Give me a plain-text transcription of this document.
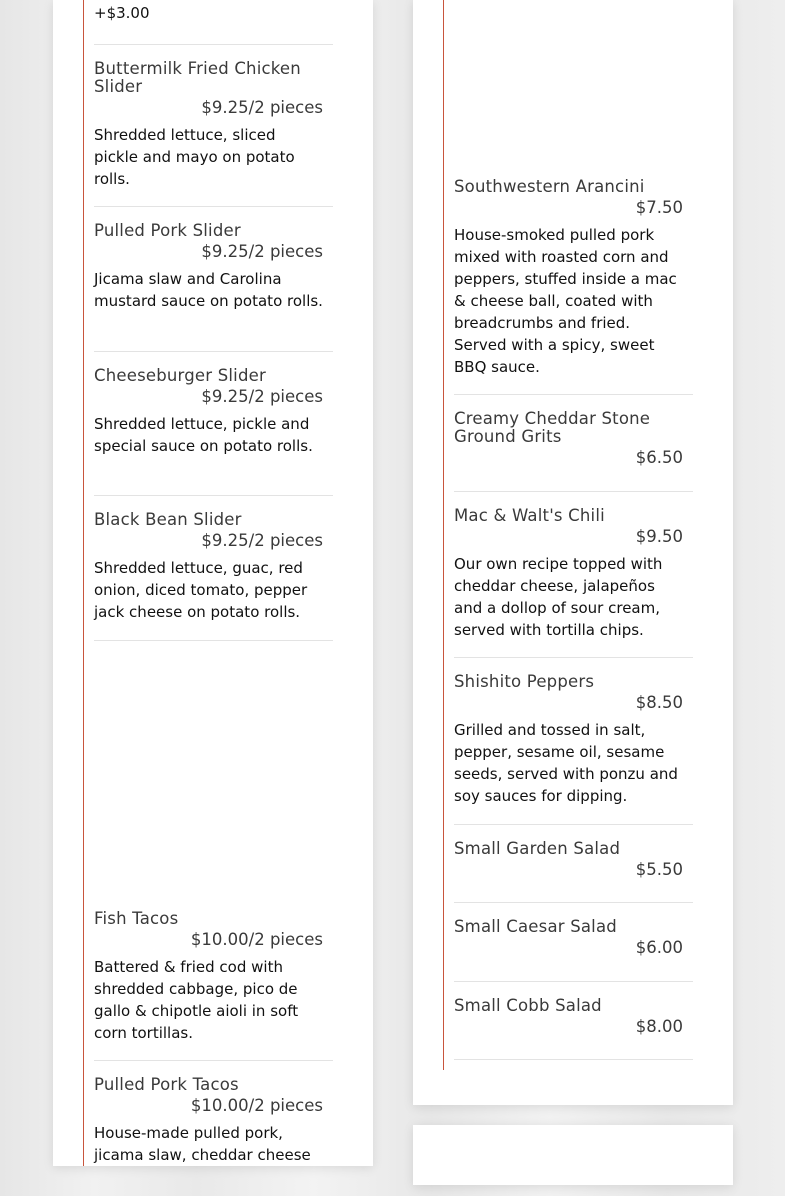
+$3.00
Buttermilk Fried Chicken Slider
$9.25/2 pieces
Shredded lettuce, sliced pickle and mayo on potato rolls.
Pulled Pork Slider
$9.25/2 pieces
Jicama slaw and Carolina mustard sauce on potato rolls.
Cheeseburger Slider
$9.25/2 pieces
Shredded lettuce, pickle and special sauce on potato rolls.
Black Bean Slider
$9.25/2 pieces
Shredded lettuce, guac, red onion, diced tomato, pepper jack cheese on potato rolls.
Fish Tacos
$10.00/2 pieces
Battered & fried cod with shredded cabbage, pico de gallo & chipotle aioli in soft corn tortillas.
Pulled Pork Tacos
$10.00/2 pieces
House-made pulled pork, jicama slaw, cheddar cheese
Southwestern Arancini
$7.50
House-smoked pulled pork mixed with roasted corn and peppers, stuffed inside a mac & cheese ball, coated with breadcrumbs and fried. Served with a spicy, sweet BBQ sauce.
Creamy Cheddar Stone Ground Grits
$6.50
Mac & Walt's Chili
$9.50
Our own recipe topped with cheddar cheese, jalapeños and a dollop of sour cream, served with tortilla chips.
Shishito Peppers
$8.50
Grilled and tossed in salt, pepper, sesame oil, sesame seeds, served with ponzu and soy sauces for dipping.
Small Garden Salad
$5.50
Small Caesar Salad
$6.00
Small Cobb Salad
$8.00
